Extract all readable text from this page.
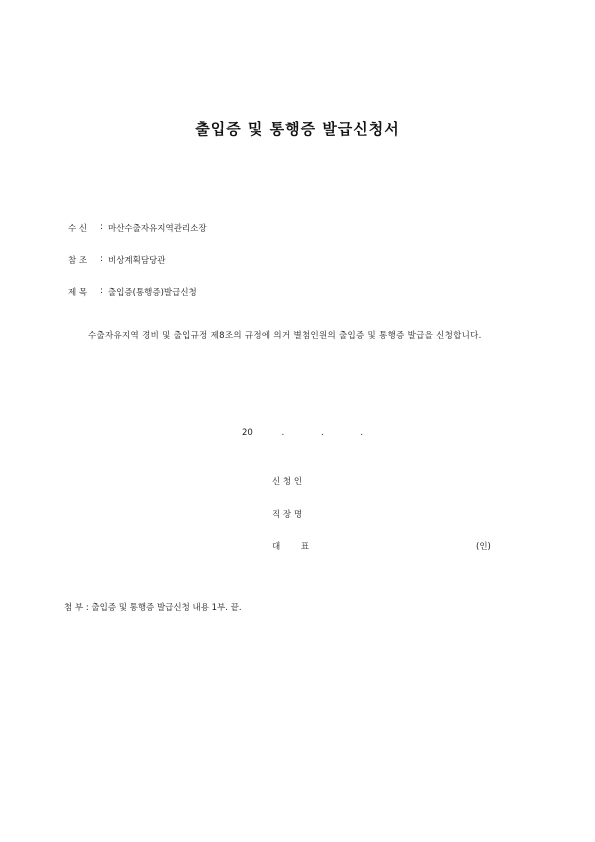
출입증 및 통행증 발급신청서
수 신 : 마산수출자유지역관리소장
참 조 : 비상계획담당관
제 목 : 출입증(통행증)발급신청
수출자유지역 경비 및 출입규정 제8조의 규정에 의거 별첨인원의 출입증 및 통행증 발급을 신청합니다.
20	.	.	.
신 청 인
직 장 명
대 표	(인)
첨 부 : 출입증 및 통행증 발급신청 내용 1부. 끝.
